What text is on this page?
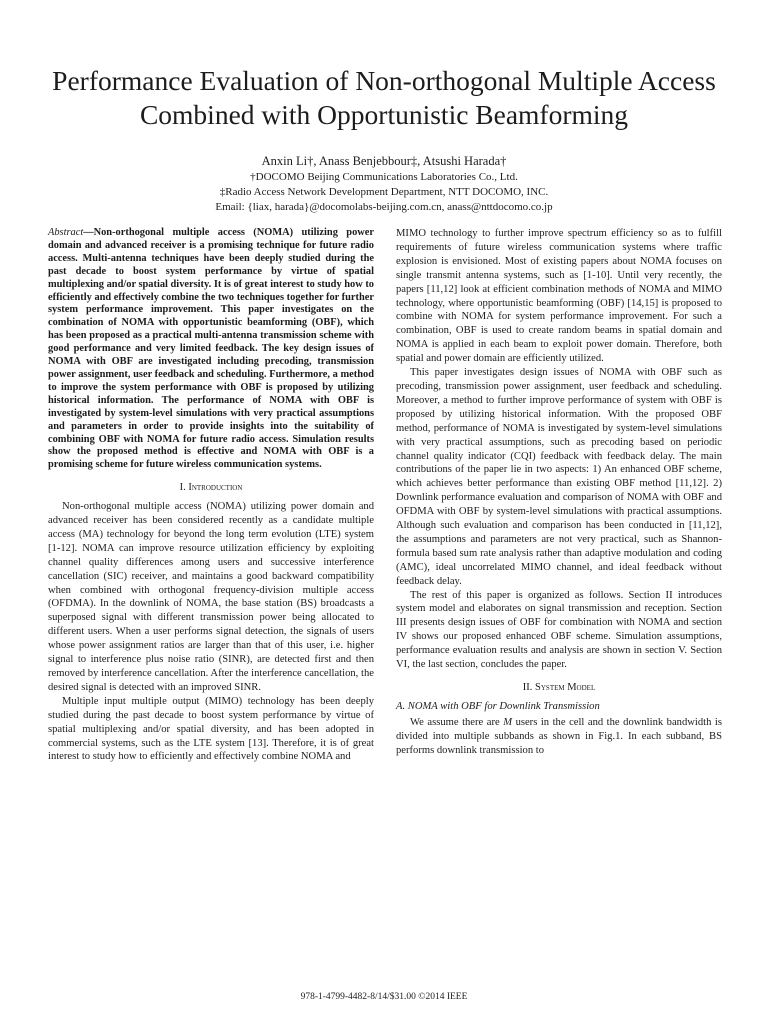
Performance Evaluation of Non-orthogonal Multiple Access Combined with Opportunistic Beamforming
Anxin Li†, Anass Benjebbour‡, Atsushi Harada†
†DOCOMO Beijing Communications Laboratories Co., Ltd.
‡Radio Access Network Development Department, NTT DOCOMO, INC.
Email: {liax, harada}@docomolabs-beijing.com.cn, anass@nttdocomo.co.jp

Abstract—Non-orthogonal multiple access (NOMA) utilizing power domain and advanced receiver is a promising technique for future radio access. Multi-antenna techniques have been deeply studied during the past decade to boost system performance by virtue of spatial multiplexing and/or spatial diversity. It is of great interest to study how to efficiently and effectively combine the two techniques together for further system performance improvement. This paper investigates on the combination of NOMA with opportunistic beamforming (OBF), which has been proposed as a practical multi-antenna transmission scheme with good performance and very limited feedback. The key design issues of NOMA with OBF are investigated including precoding, transmission power assignment, user feedback and scheduling. Furthermore, a method to improve the system performance with OBF is proposed by utilizing historical information. The performance of NOMA with OBF is investigated by system-level simulations with very practical assumptions and parameters in order to provide insights into the suitability of combining OBF with NOMA for future radio access. Simulation results show the proposed method is effective and NOMA with OBF is a promising scheme for future wireless communication systems.

I. Introduction

Non-orthogonal multiple access (NOMA) utilizing power domain and advanced receiver has been considered recently as a candidate multiple access (MA) technology for beyond the long term evolution (LTE) system [1-12]. NOMA can improve resource utilization efficiency by exploiting channel quality differences among users and successive interference cancellation (SIC) receiver, and maintains a good backward compatibility when combined with orthogonal frequency-division multiple access (OFDMA). In the downlink of NOMA, the base station (BS) broadcasts a superposed signal with different transmission power being allocated to different users. When a user performs signal detection, the signals of users whose power assignment ratios are larger than that of this user, i.e. higher signal to interference plus noise ratio (SINR), are detected first and then removed by interference cancellation. After the interference cancellation, the desired signal is detected with an improved SINR.

Multiple input multiple output (MIMO) technology has been deeply studied during the past decade to boost system performance by virtue of spatial multiplexing and/or spatial diversity, and has been adopted in commercial systems, such as the LTE system [13]. Therefore, it is of great interest to study how to efficiently and effectively combine NOMA and

MIMO technology to further improve spectrum efficiency so as to fulfill requirements of future wireless communication systems where traffic explosion is envisioned. Most of existing papers about NOMA focuses on single transmit antenna systems, such as [1-10]. Until very recently, the papers [11,12] look at efficient combination methods of NOMA and MIMO technology, where opportunistic beamforming (OBF) [14,15] is proposed to combine with NOMA for system performance improvement. For such a combination, OBF is used to create random beams in spatial domain and NOMA is applied in each beam to exploit power domain. Therefore, both spatial and power domain are efficiently utilized.

This paper investigates design issues of NOMA with OBF such as precoding, transmission power assignment, user feedback and scheduling. Moreover, a method to further improve performance of system with OBF is proposed by utilizing historical information. With the proposed OBF method, performance of NOMA is investigated by system-level simulations with very practical assumptions, such as precoding based on periodic channel quality indicator (CQI) feedback with feedback delay. The main contributions of the paper lie in two aspects: 1) An enhanced OBF scheme, which achieves better performance than existing OBF method [11,12]. 2) Downlink performance evaluation and comparison of NOMA with OBF and OFDMA with OBF by system-level simulations with practical assumptions. Although such evaluation and comparison has been conducted in [11,12], the assumptions and parameters are not very practical, such as Shannon-formula based sum rate analysis rather than adaptive modulation and coding (AMC), ideal uncorrelated MIMO channel, and ideal feedback without feedback delay.

The rest of this paper is organized as follows. Section II introduces system model and elaborates on signal transmission and reception. Section III presents design issues of OBF for combination with NOMA and section IV shows our proposed enhanced OBF scheme. Simulation assumptions, performance evaluation results and analysis are shown in section V. Section VI, the last section, concludes the paper.

II. System Model

A. NOMA with OBF for Downlink Transmission

We assume there are M users in the cell and the downlink bandwidth is divided into multiple subbands as shown in Fig.1. In each subband, BS performs downlink transmission to

978-1-4799-4482-8/14/$31.00 ©2014 IEEE
